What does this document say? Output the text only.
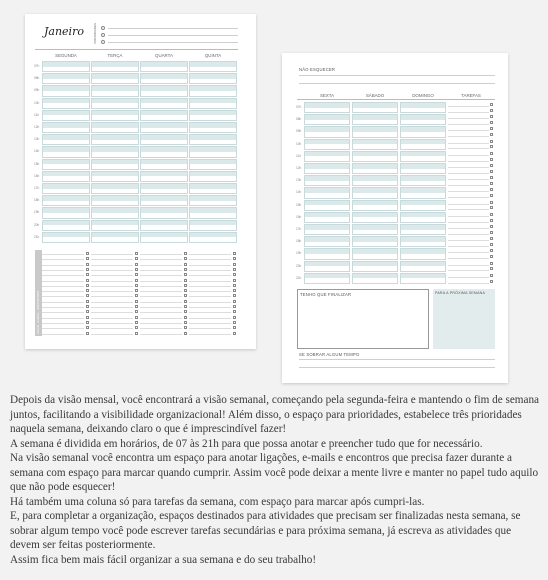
Janeiro	PRIORIDADES
SEGUNDA	TERÇA	QUARTA	QUINTA
07h
08h
09h
10h
11h
12h
13h
14h
15h
16h
17h
18h
19h
20h
21h
LIGAR · E-MAIL · ENCONTROS
NÃO ESQUECER
SEXTA	SÁBADO	DOMINGO	TAREFAS
07h
08h
09h
10h
11h
12h
13h
14h
15h
16h
17h
18h
19h
20h
21h
TENHO QUE FINALIZAR	PARA A PRÓXIMA SEMANA
SE SOBRAR ALGUM TEMPO

Depois da visão mensal, você encontrará a visão semanal, começando pela segunda-feira e mantendo o fim de semana juntos, facilitando a visibilidade organizacional! Além disso, o espaço para prioridades, estabelece três prioridades naquela semana, deixando claro o que é imprescindível fazer!

A semana é dividida em horários, de 07 às 21h para que possa anotar e preencher tudo que for necessário.

Na visão semanal você encontra um espaço para anotar ligações, e-mails e encontros que precisa fazer durante a semana com espaço para marcar quando cumprir. Assim você pode deixar a mente livre e manter no papel tudo aquilo que não pode esquecer!

Há também uma coluna só para tarefas da semana, com espaço para marcar após cumpri-las.

E, para completar a organização, espaços destinados para atividades que precisam ser finalizadas nesta semana, se sobrar algum tempo você pode escrever tarefas secundárias e para próxima semana, já escreva as atividades que devem ser feitas posteriormente.

Assim fica bem mais fácil organizar a sua semana e do seu trabalho!
